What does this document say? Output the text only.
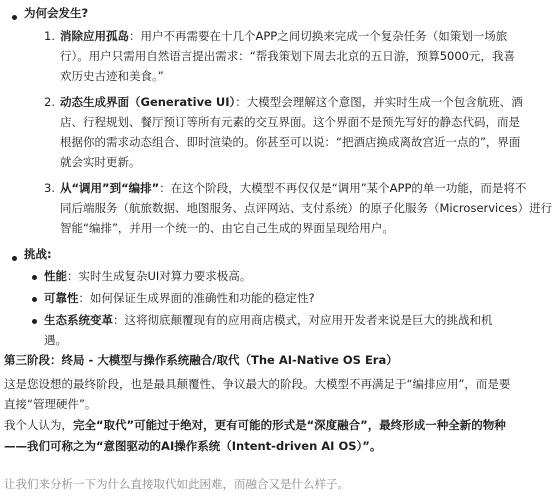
为何会发生?
1. 消除应用孤岛：用户不再需要在十几个APP之间切换来完成一个复杂任务（如策划一场旅
行）。用户只需用自然语言提出需求：“帮我策划下周去北京的五日游，预算5000元，我喜
欢历史古迹和美食。”
2. 动态生成界面（Generative UI）：大模型会理解这个意图，并实时生成一个包含航班、酒
店、行程规划、餐厅预订等所有元素的交互界面。这个界面不是预先写好的静态代码，而是
根据你的需求动态组合、即时渲染的。你甚至可以说：“把酒店换成离故宫近一点的”，界面
就会实时更新。
3. 从“调用”到“编排”：在这个阶段，大模型不再仅仅是“调用”某个APP的单一功能，而是将不
同后端服务（航旅数据、地图服务、点评网站、支付系统）的原子化服务（Microservices）进行
智能“编排”，并用一个统一的、由它自己生成的界面呈现给用户。
挑战:
性能：实时生成复杂UI对算力要求极高。
可靠性：如何保证生成界面的准确性和功能的稳定性?
生态系统变革：这将彻底颠覆现有的应用商店模式，对应用开发者来说是巨大的挑战和机
遇。
第三阶段：终局 - 大模型与操作系统融合/取代（The AI-Native OS Era）
这是您设想的最终阶段，也是最具颠覆性、争议最大的阶段。大模型不再满足于“编排应用”，而是要
直接“管理硬件”。
我个人认为，完全“取代”可能过于绝对，更有可能的形式是“深度融合”，最终形成一种全新的物种
——我们可称之为“意图驱动的AI操作系统（Intent-driven AI OS）”。
让我们来分析一下为什么直接取代如此困难，而融合又是什么样子。
